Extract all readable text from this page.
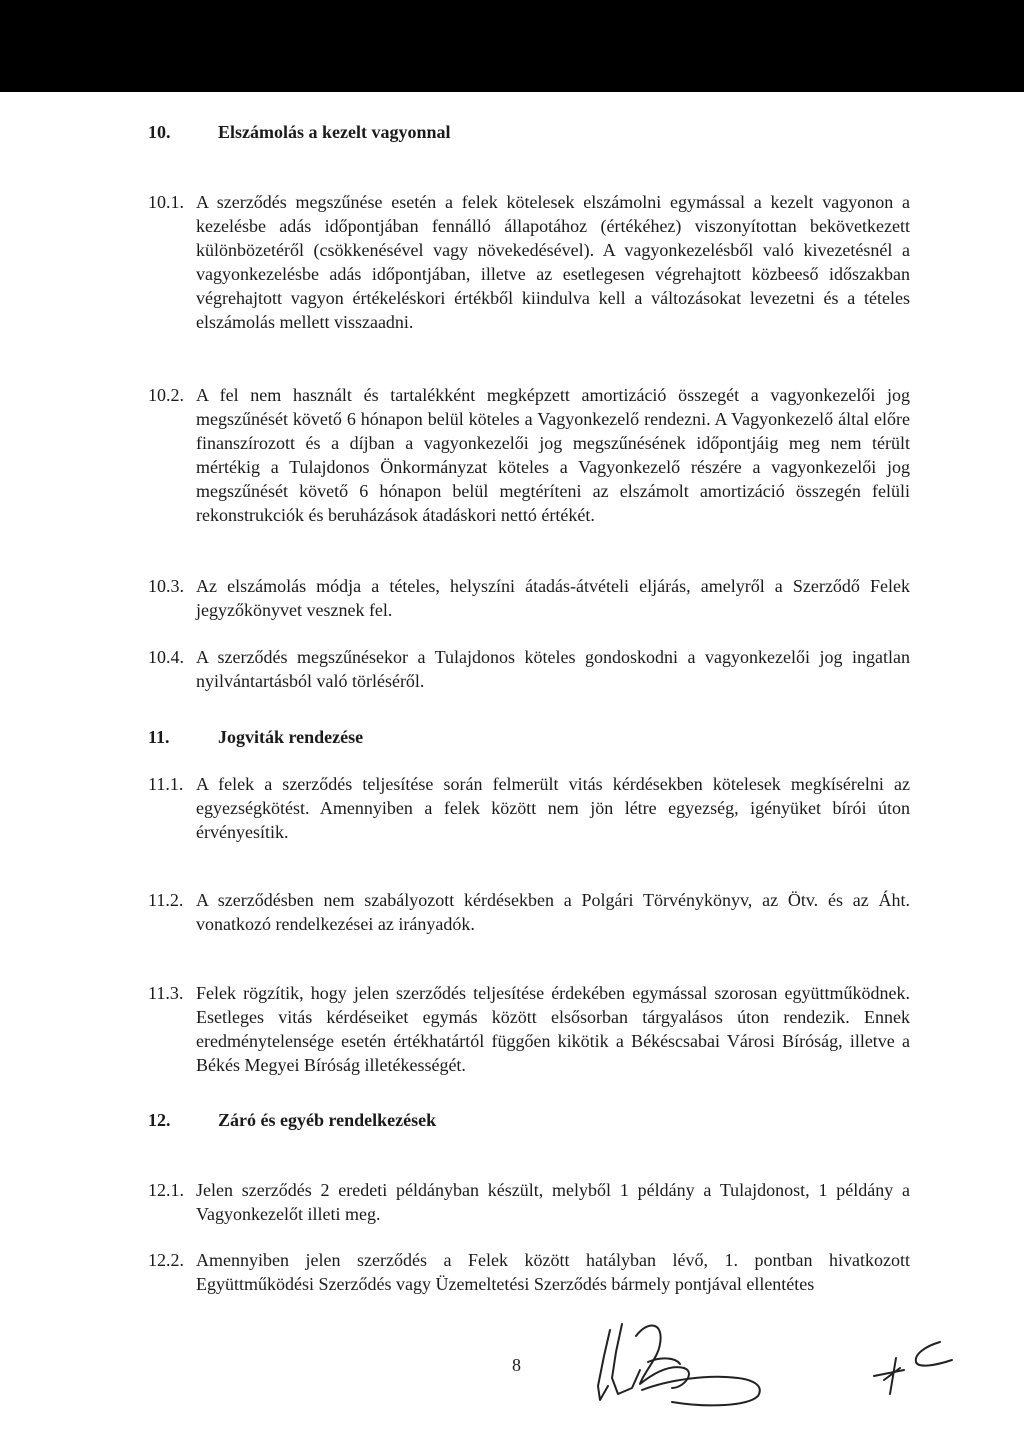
10.	Elszámolás a kezelt vagyonnal
10.1. A szerződés megszűnése esetén a felek kötelesek elszámolni egymással a kezelt vagyonon a kezelésbe adás időpontjában fennálló állapotához (értékéhez) viszonyítottan bekövetkezett különbözetéről (csökkenésével vagy növekedésével). A vagyonkezelésből való kivezetésnél a vagyonkezelésbe adás időpontjában, illetve az esetlegesen végrehajtott közbeeső időszakban végrehajtott vagyon értékeléskori értékből kiindulva kell a változásokat levezetni és a tételes elszámolás mellett visszaadni.
10.2. A fel nem használt és tartalékként megképzett amortizáció összegét a vagyonkezelői jog megszűnését követő 6 hónapon belül köteles a Vagyonkezelő rendezni. A Vagyonkezelő által előre finanszírozott és a díjban a vagyonkezelői jog megszűnésének időpontjáig meg nem térült mértékig a Tulajdonos Önkormányzat köteles a Vagyonkezelő részére a vagyonkezelői jog megszűnését követő 6 hónapon belül megtéríteni az elszámolt amortizáció összegén felüli rekonstrukciók és beruházások átadáskori nettó értékét.
10.3. Az elszámolás módja a tételes, helyszíni átadás-átvételi eljárás, amelyről a Szerződő Felek jegyzőkönyvet vesznek fel.
10.4. A szerződés megszűnésekor a Tulajdonos köteles gondoskodni a vagyonkezelői jog ingatlan nyilvántartásból való törléséről.
11.	Jogviták rendezése
11.1. A felek a szerződés teljesítése során felmerült vitás kérdésekben kötelesek megkísérelni az egyezségkötést. Amennyiben a felek között nem jön létre egyezség, igényüket bírói úton érvényesítik.
11.2. A szerződésben nem szabályozott kérdésekben a Polgári Törvénykönyv, az Ötv. és az Áht. vonatkozó rendelkezései az irányadók.
11.3. Felek rögzítik, hogy jelen szerződés teljesítése érdekében egymással szorosan együttműködnek. Esetleges vitás kérdéseiket egymás között elsősorban tárgyalásos úton rendezik. Ennek eredménytelensége esetén értékhatártól függően kikötik a Békéscsabai Városi Bíróság, illetve a Békés Megyei Bíróság illetékességét.
12.	Záró és egyéb rendelkezések
12.1. Jelen szerződés 2 eredeti példányban készült, melyből 1 példány a Tulajdonost, 1 példány a Vagyonkezelőt illeti meg.
12.2. Amennyiben jelen szerződés a Felek között hatályban lévő, 1. pontban hivatkozott Együttműködési Szerződés vagy Üzemeltetési Szerződés bármely pontjával ellentétes
8
